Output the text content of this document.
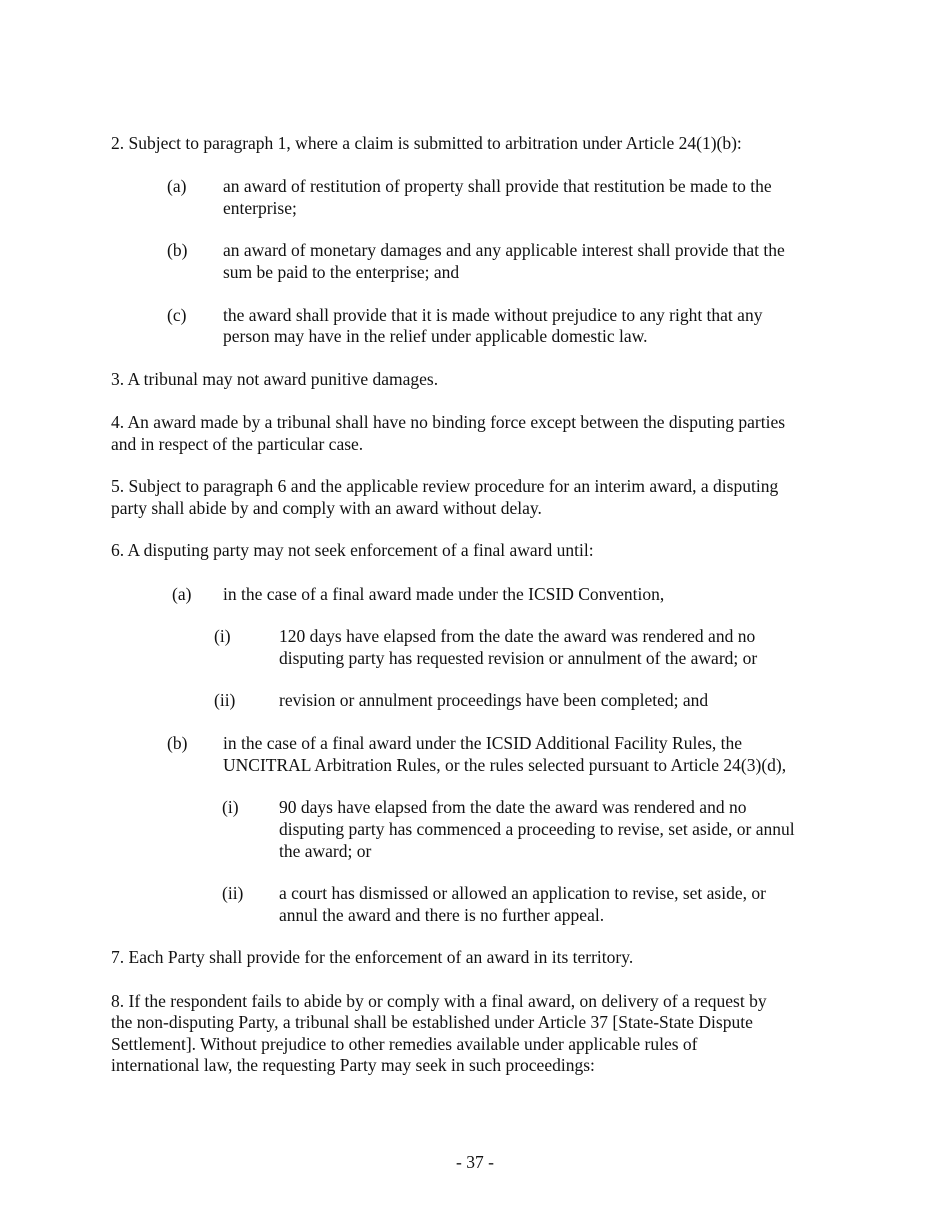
2. Subject to paragraph 1, where a claim is submitted to arbitration under Article 24(1)(b):
(a) an award of restitution of property shall provide that restitution be made to the
enterprise;
(b) an award of monetary damages and any applicable interest shall provide that the
sum be paid to the enterprise; and
(c) the award shall provide that it is made without prejudice to any right that any
person may have in the relief under applicable domestic law.
3. A tribunal may not award punitive damages.
4. An award made by a tribunal shall have no binding force except between the disputing parties
and in respect of the particular case.
5. Subject to paragraph 6 and the applicable review procedure for an interim award, a disputing
party shall abide by and comply with an award without delay.
6. A disputing party may not seek enforcement of a final award until:
(a) in the case of a final award made under the ICSID Convention,
(i)	120 days have elapsed from the date the award was rendered and no
disputing party has requested revision or annulment of the award; or
(ii) revision or annulment proceedings have been completed; and
(b) in the case of a final award under the ICSID Additional Facility Rules, the
UNCITRAL Arbitration Rules, or the rules selected pursuant to Article 24(3)(d),
(i) 90 days have elapsed from the date the award was rendered and no
disputing party has commenced a proceeding to revise, set aside, or annul
the award; or
(ii) a court has dismissed or allowed an application to revise, set aside, or
annul the award and there is no further appeal.
7. Each Party shall provide for the enforcement of an award in its territory.
8. If the respondent fails to abide by or comply with a final award, on delivery of a request by
the non-disputing Party, a tribunal shall be established under Article 37 [State-State Dispute
Settlement]. Without prejudice to other remedies available under applicable rules of
international law, the requesting Party may seek in such proceedings:
- 37 -
